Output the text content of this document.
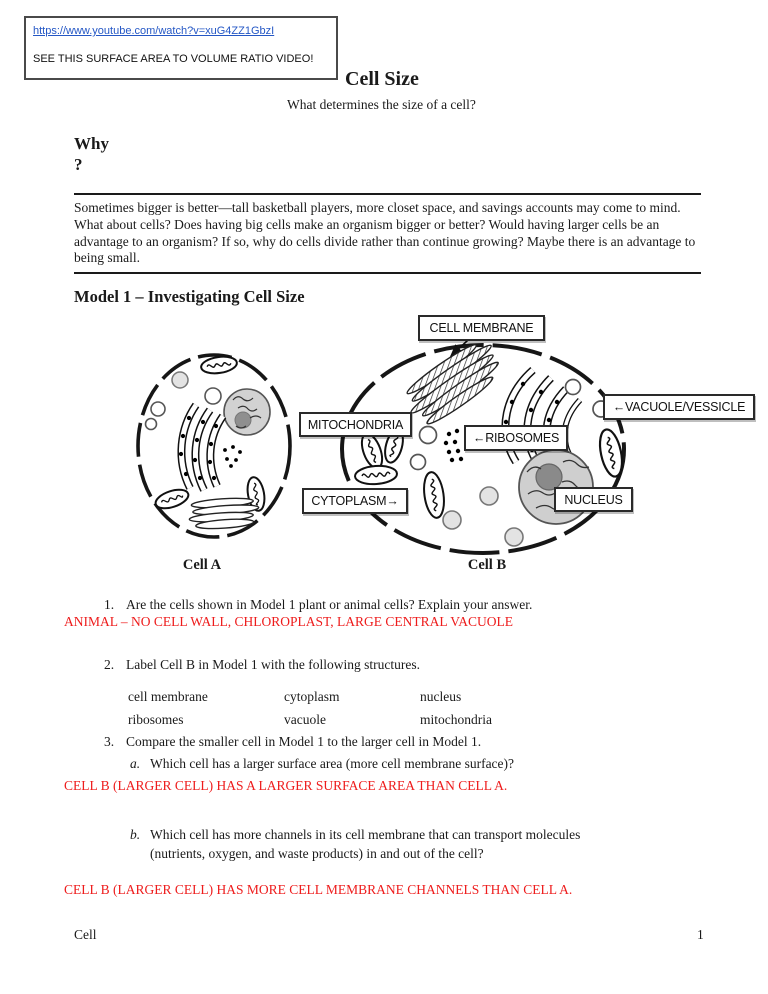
https://www.youtube.com/watch?v=xuG4ZZ1GbzI
SEE THIS SURFACE AREA TO VOLUME RATIO VIDEO!
Cell Size
What determines the size of a cell?
Why
?
Sometimes bigger is better—tall basketball players, more closet space, and savings accounts may come to mind. What about cells? Does having big cells make an organism bigger or better? Would having larger cells be an advantage to an organism? If so, why do cells divide rather than continue growing? Maybe there is an advantage to being small.
Model 1 – Investigating Cell Size
CELL MEMBRANE
MITOCHONDRIA
←VACUOLE/VESSICLE
←RIBOSOMES
CYTOPLASM→	NUCLEUS
Cell A	Cell B
1. Are the cells shown in Model 1 plant or animal cells? Explain your answer.
ANIMAL – NO CELL WALL, CHLOROPLAST, LARGE CENTRAL VACUOLE
2. Label Cell B in Model 1 with the following structures.
cell membrane	cytoplasm	nucleus
ribosomes	vacuole	mitochondria
3. Compare the smaller cell in Model 1 to the larger cell in Model 1.
a. Which cell has a larger surface area (more cell membrane surface)?
CELL B (LARGER CELL) HAS A LARGER SURFACE AREA THAN CELL A.
b. Which cell has more channels in its cell membrane that can transport molecules
(nutrients, oxygen, and waste products) in and out of the cell?
CELL B (LARGER CELL) HAS MORE CELL MEMBRANE CHANNELS THAN CELL A.
Cell	1
